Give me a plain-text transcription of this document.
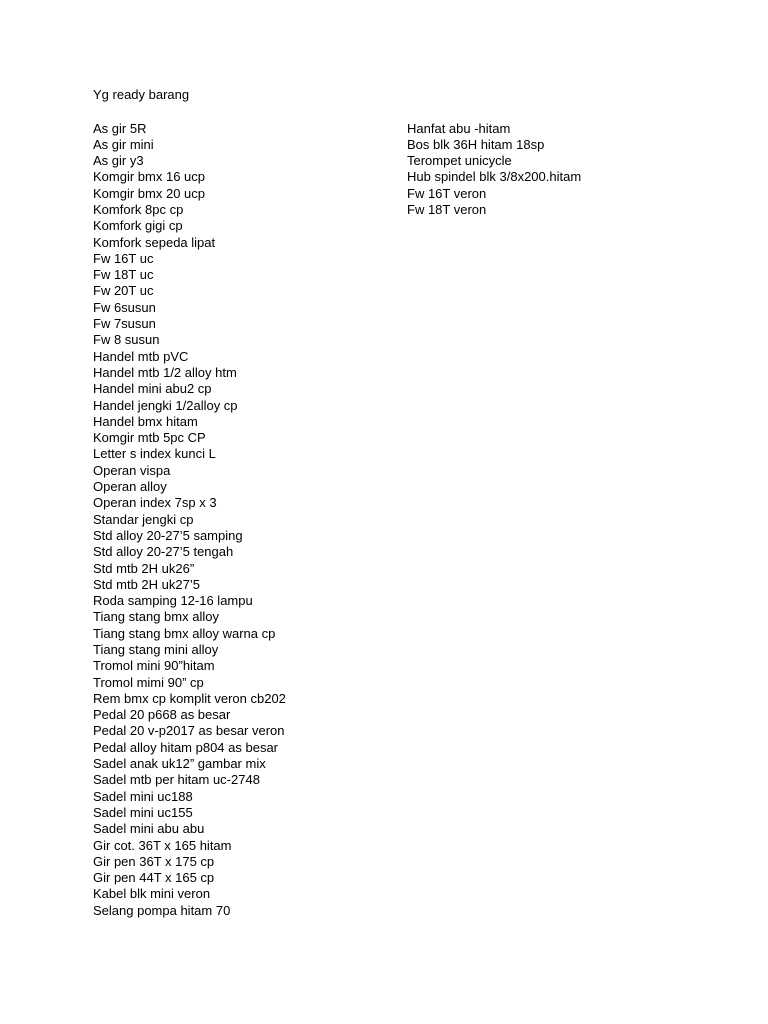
Yg ready barang
As gir 5R
As gir mini
As gir y3
Komgir bmx 16 ucp
Komgir bmx 20 ucp
Komfork 8pc cp
Komfork gigi cp
Komfork sepeda lipat
Fw 16T uc
Fw 18T uc
Fw 20T uc
Fw 6susun
Fw 7susun
Fw 8 susun
Handel mtb pVC
Handel mtb 1/2 alloy htm
Handel mini abu2 cp
Handel jengki 1/2alloy cp
Handel bmx hitam
Komgir mtb 5pc CP
Letter s index kunci L
Operan vispa
Operan alloy
Operan index 7sp x 3
Standar jengki cp
Std alloy 20-27’5 samping
Std alloy 20-27’5 tengah
Std mtb 2H uk26”
Std mtb 2H uk27’5
Roda samping 12-16 lampu
Tiang stang bmx alloy
Tiang stang bmx alloy warna cp
Tiang stang mini alloy
Tromol mini 90”hitam
Tromol mimi 90” cp
Rem bmx cp komplit veron cb202
Pedal 20 p668 as besar
Pedal 20 v-p2017 as besar veron
Pedal alloy hitam p804 as besar
Sadel anak uk12” gambar mix
Sadel mtb per hitam uc-2748
Sadel mini uc188
Sadel mini uc155
Sadel mini abu abu
Gir cot. 36T x 165 hitam
Gir pen 36T x 175 cp
Gir pen 44T x 165 cp
Kabel blk mini veron
Selang pompa hitam 70
Hanfat abu -hitam
Bos blk 36H hitam 18sp
Terompet unicycle
Hub spindel blk 3/8x200.hitam
Fw 16T veron
Fw 18T veron
